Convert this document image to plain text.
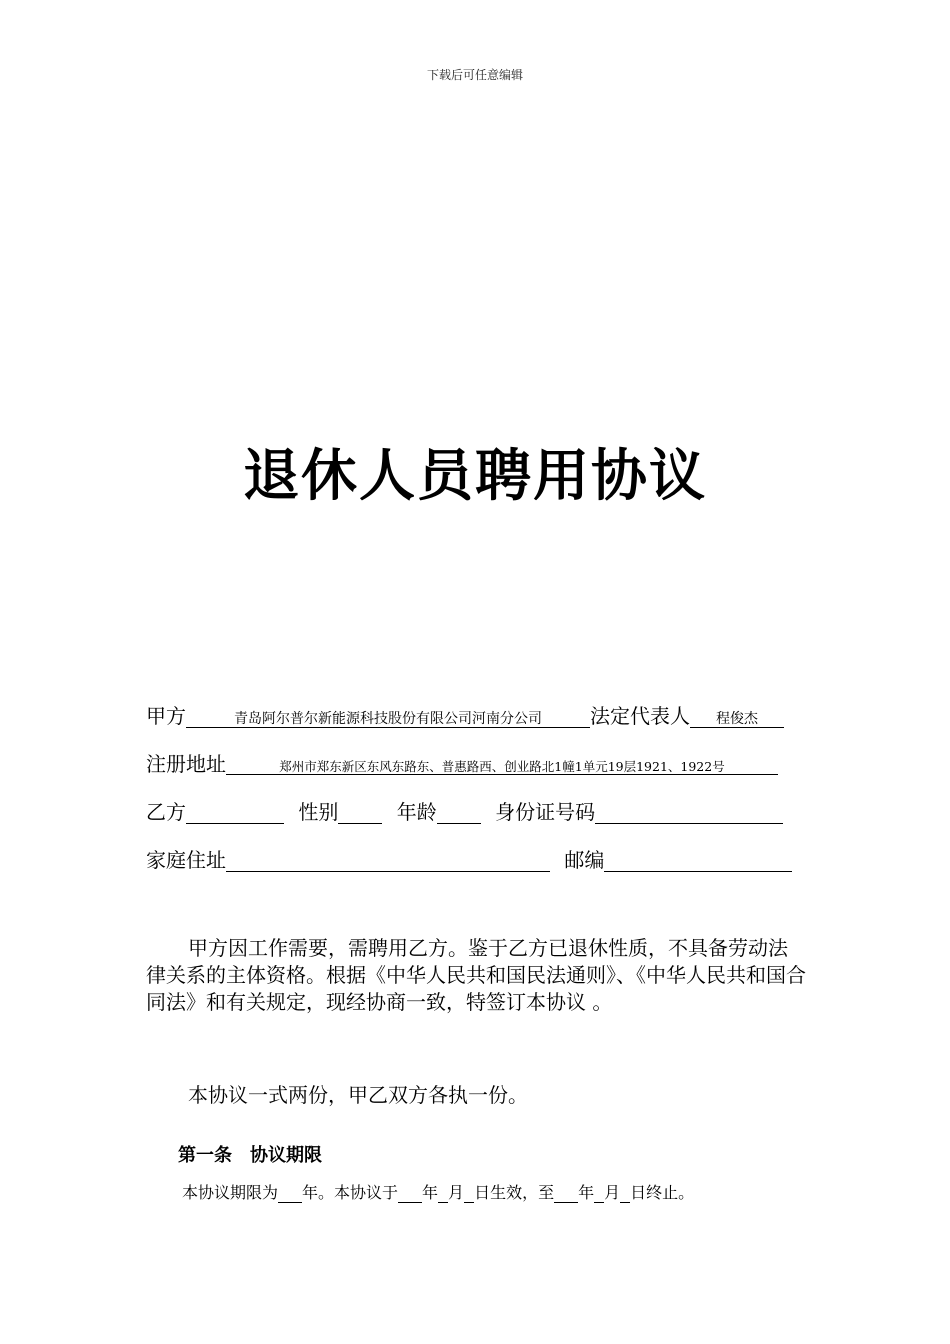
下载后可任意编辑
退休人员聘用协议
甲方	青岛阿尔普尔新能源科技股份有限公司河南分公司 法定代表人 程俊杰
注册地址	郑州市郑东新区东风东路东、普惠路西、创业路北1幢1单元19层1921、1922号
乙方	性别	年龄	身份证号码
家庭住址	邮编
甲方因工作需要，需聘用乙方。鉴于乙方已退休性质，不具备劳动法律关系的主体资格。根据《中华人民共和国民法通则》、《中华人民共和国合同法》和有关规定，现经协商一致，特签订本协议 。
本协议一式两份，甲乙双方各执一份。
第一条　协议期限
本协议期限为 年。本协议于 年 月 日生效，至 年 月 日终止。
